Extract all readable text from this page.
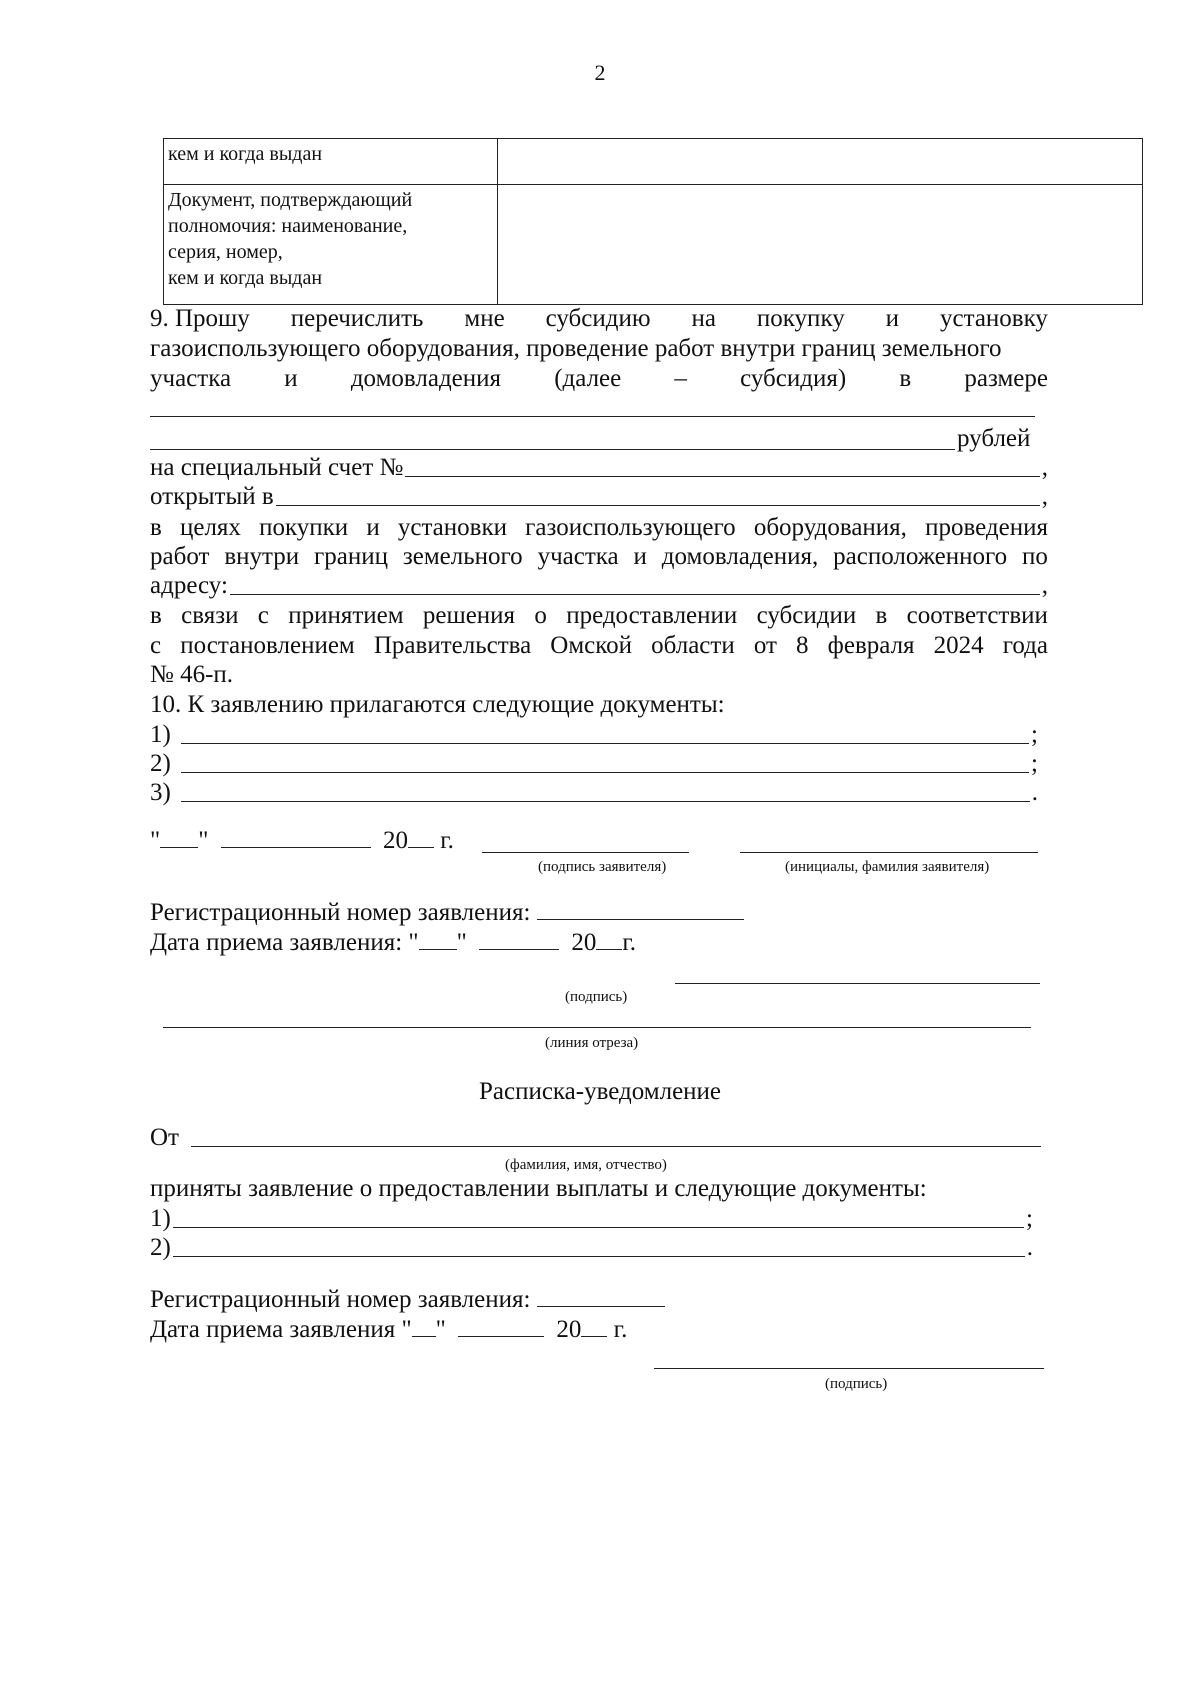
2
кем и когда выдан	

Документ, подтверждающий
полномочия: наименование,
серия, номер,
кем и когда выдан	

9. Прошу перечислить мне субсидию на покупку и установку
газоиспользующего оборудования, проведение работ внутри границ земельного
участка и домовладения (далее – субсидия) в размере
рублей
на специальный счет №	,
открытый в	,
в целях покупки и установки газоиспользующего оборудования, проведения
работ внутри границ земельного участка и домовладения, расположенного по
адресу:	,
в связи с принятием решения о предоставлении субсидии в соответствии
с постановлением Правительства Омской области от 8 февраля 2024 года
№ 46-п.
10. К заявлению прилагаются следующие документы:
1)	;
2)	;
3)	.
" "	20 г.
(подпись заявителя)	(инициалы, фамилия заявителя)
Регистрационный номер заявления:
Дата приема заявления: " "	20 г.
(подпись)
(линия отреза)
Расписка-уведомление
От
(фамилия, имя, отчество)
приняты заявление о предоставлении выплаты и следующие документы:
1)	;
2)	.
Регистрационный номер заявления:
Дата приема заявления " "	20 г.
(подпись)
